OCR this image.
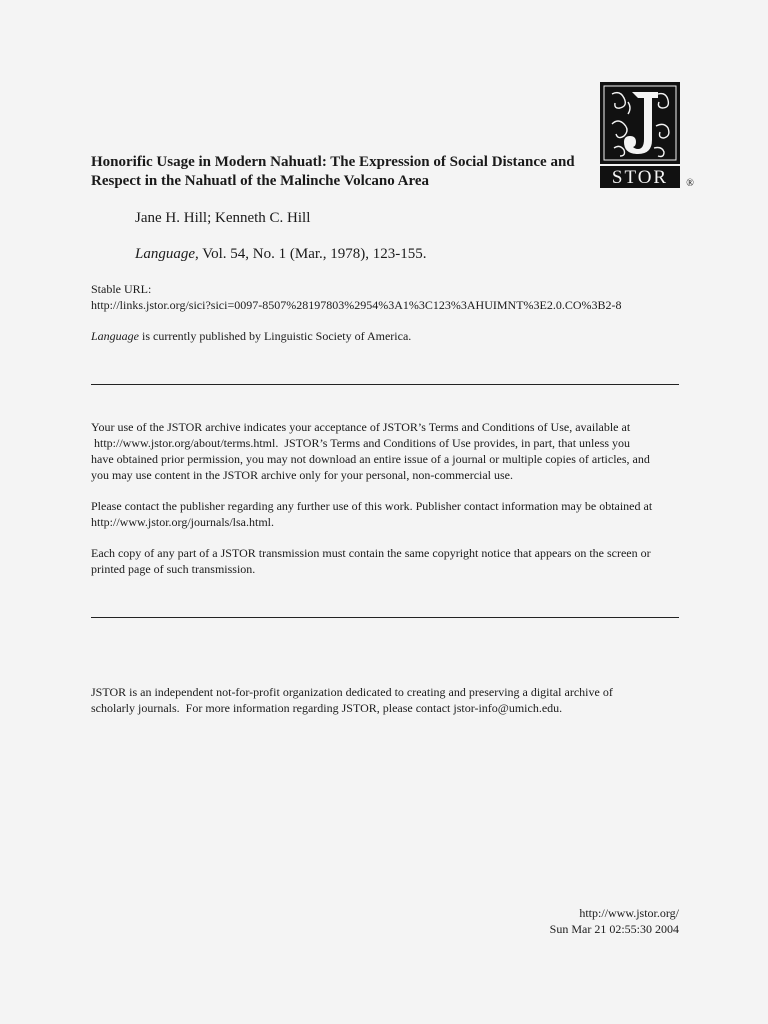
STOR ®
Honorific Usage in Modern Nahuatl: The Expression of Social Distance and
Respect in the Nahuatl of the Malinche Volcano Area
Jane H. Hill; Kenneth C. Hill
Language, Vol. 54, No. 1 (Mar., 1978), 123-155.
Stable URL:
http://links.jstor.org/sici?sici=0097-8507%28197803%2954%3A1%3C123%3AHUIMNT%3E2.0.CO%3B2-8
Language is currently published by Linguistic Society of America.
Your use of the JSTOR archive indicates your acceptance of JSTOR’s Terms and Conditions of Use, available at
http://www.jstor.org/about/terms.html.  JSTOR’s Terms and Conditions of Use provides, in part, that unless you
have obtained prior permission, you may not download an entire issue of a journal or multiple copies of articles, and
you may use content in the JSTOR archive only for your personal, non-commercial use.
Please contact the publisher regarding any further use of this work. Publisher contact information may be obtained at
http://www.jstor.org/journals/lsa.html.
Each copy of any part of a JSTOR transmission must contain the same copyright notice that appears on the screen or
printed page of such transmission.
JSTOR is an independent not-for-profit organization dedicated to creating and preserving a digital archive of
scholarly journals.  For more information regarding JSTOR, please contact jstor-info@umich.edu.
http://www.jstor.org/
Sun Mar 21 02:55:30 2004
